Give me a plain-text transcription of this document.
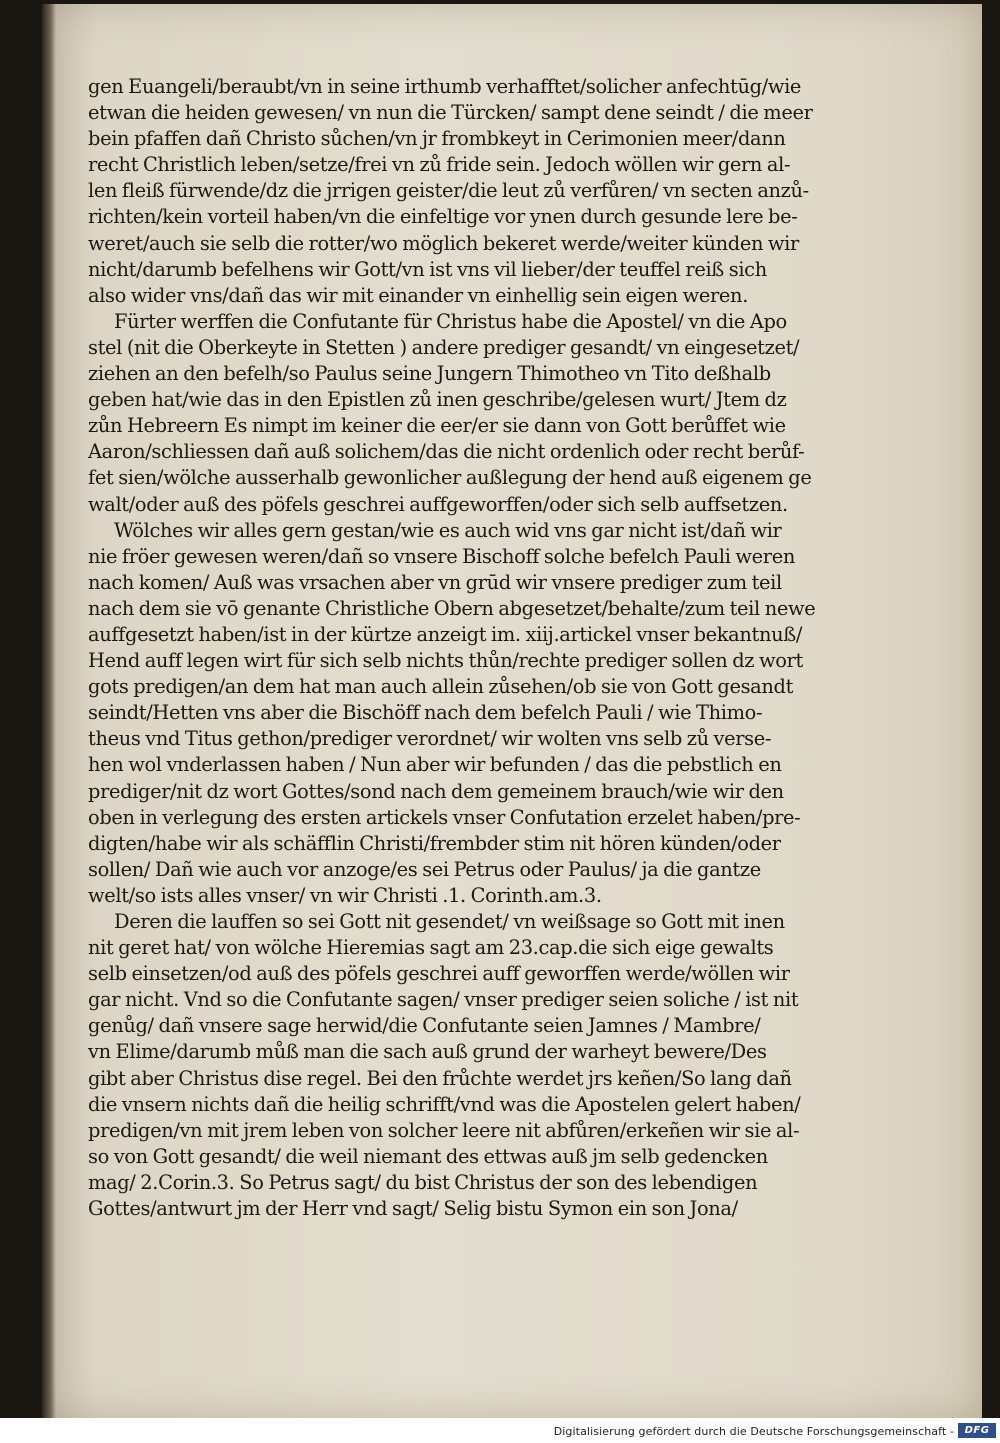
gen Euangeli/beraubt/vn in seine irthumb verhafftet/solicher anfechtūg/wie
etwan die heiden gewesen/ vn nun die Türcken/ sampt dene seindt / die meer
bein pfaffen dañ Christo sůchen/vn jr frombkeyt in Cerimonien meer/dann
recht Christlich leben/setze/frei vn zů fride sein. Jedoch wöllen wir gern al-
len fleiß fürwende/dz die jrrigen geister/die leut zů verfůren/ vn secten anzů-
richten/kein vorteil haben/vn die einfeltige vor ynen durch gesunde lere be-
weret/auch sie selb die rotter/wo möglich bekeret werde/weiter künden wir
nicht/darumb befelhens wir Gott/vn ist vns vil lieber/der teuffel reiß sich
also wider vns/dañ das wir mit einander vn einhellig sein eigen weren.
Fürter werffen die Confutante für Christus habe die Apostel/ vn die Apo
stel (nit die Oberkeyte in Stetten ) andere prediger gesandt/ vn eingesetzet/
ziehen an den befelh/so Paulus seine Jungern Thimotheo vn Tito deßhalb
geben hat/wie das in den Epistlen zů inen geschribe/gelesen wurt/ Jtem dz
zůn Hebreern Es nimpt im keiner die eer/er sie dann von Gott berůffet wie
Aaron/schliessen dañ auß solichem/das die nicht ordenlich oder recht berůf-
fet sien/wölche ausserhalb gewonlicher außlegung der hend auß eigenem ge
walt/oder auß des pöfels geschrei auffgeworffen/oder sich selb auffsetzen.
Wölches wir alles gern gestan/wie es auch wid vns gar nicht ist/dañ wir
nie fröer gewesen weren/dañ so vnsere Bischoff solche befelch Pauli weren
nach komen/ Auß was vrsachen aber vn grūd wir vnsere prediger zum teil
nach dem sie vō genante Christliche Obern abgesetzet/behalte/zum teil newe
auffgesetzt haben/ist in der kürtze anzeigt im. xiij.artickel vnser bekantnuß/
Hend auff legen wirt für sich selb nichts thůn/rechte prediger sollen dz wort
gots predigen/an dem hat man auch allein zůsehen/ob sie von Gott gesandt
seindt/Hetten vns aber die Bischöff nach dem befelch Pauli / wie Thimo-
theus vnd Titus gethon/prediger verordnet/ wir wolten vns selb zů verse-
hen wol vnderlassen haben / Nun aber wir befunden / das die pebstlich en
prediger/nit dz wort Gottes/sond nach dem gemeinem brauch/wie wir den
oben in verlegung des ersten artickels vnser Confutation erzelet haben/pre-
digten/habe wir als schäfflin Christi/frembder stim nit hören künden/oder
sollen/ Dañ wie auch vor anzoge/es sei Petrus oder Paulus/ ja die gantze
welt/so ists alles vnser/ vn wir Christi .1. Corinth.am.3.
Deren die lauffen so sei Gott nit gesendet/ vn weißsage so Gott mit inen
nit geret hat/ von wölche Hieremias sagt am 23.cap.die sich eige gewalts
selb einsetzen/od auß des pöfels geschrei auff geworffen werde/wöllen wir
gar nicht. Vnd so die Confutante sagen/ vnser prediger seien soliche / ist nit
genůg/ dañ vnsere sage herwid/die Confutante seien Jamnes / Mambre/
vn Elime/darumb můß man die sach auß grund der warheyt bewere/Des
gibt aber Christus dise regel. Bei den frůchte werdet jrs keñen/So lang dañ
die vnsern nichts dañ die heilig schrifft/vnd was die Apostelen gelert haben/
predigen/vn mit jrem leben von solcher leere nit abfůren/erkeñen wir sie al-
so von Gott gesandt/ die weil niemant des ettwas auß jm selb gedencken
mag/ 2.Corin.3. So Petrus sagt/ du bist Christus der son des lebendigen
Gottes/antwurt jm der Herr vnd sagt/ Selig bistu Symon ein son Jona/
Digitalisierung gefördert durch die Deutsche Forschungsgemeinschaft -	DFG
